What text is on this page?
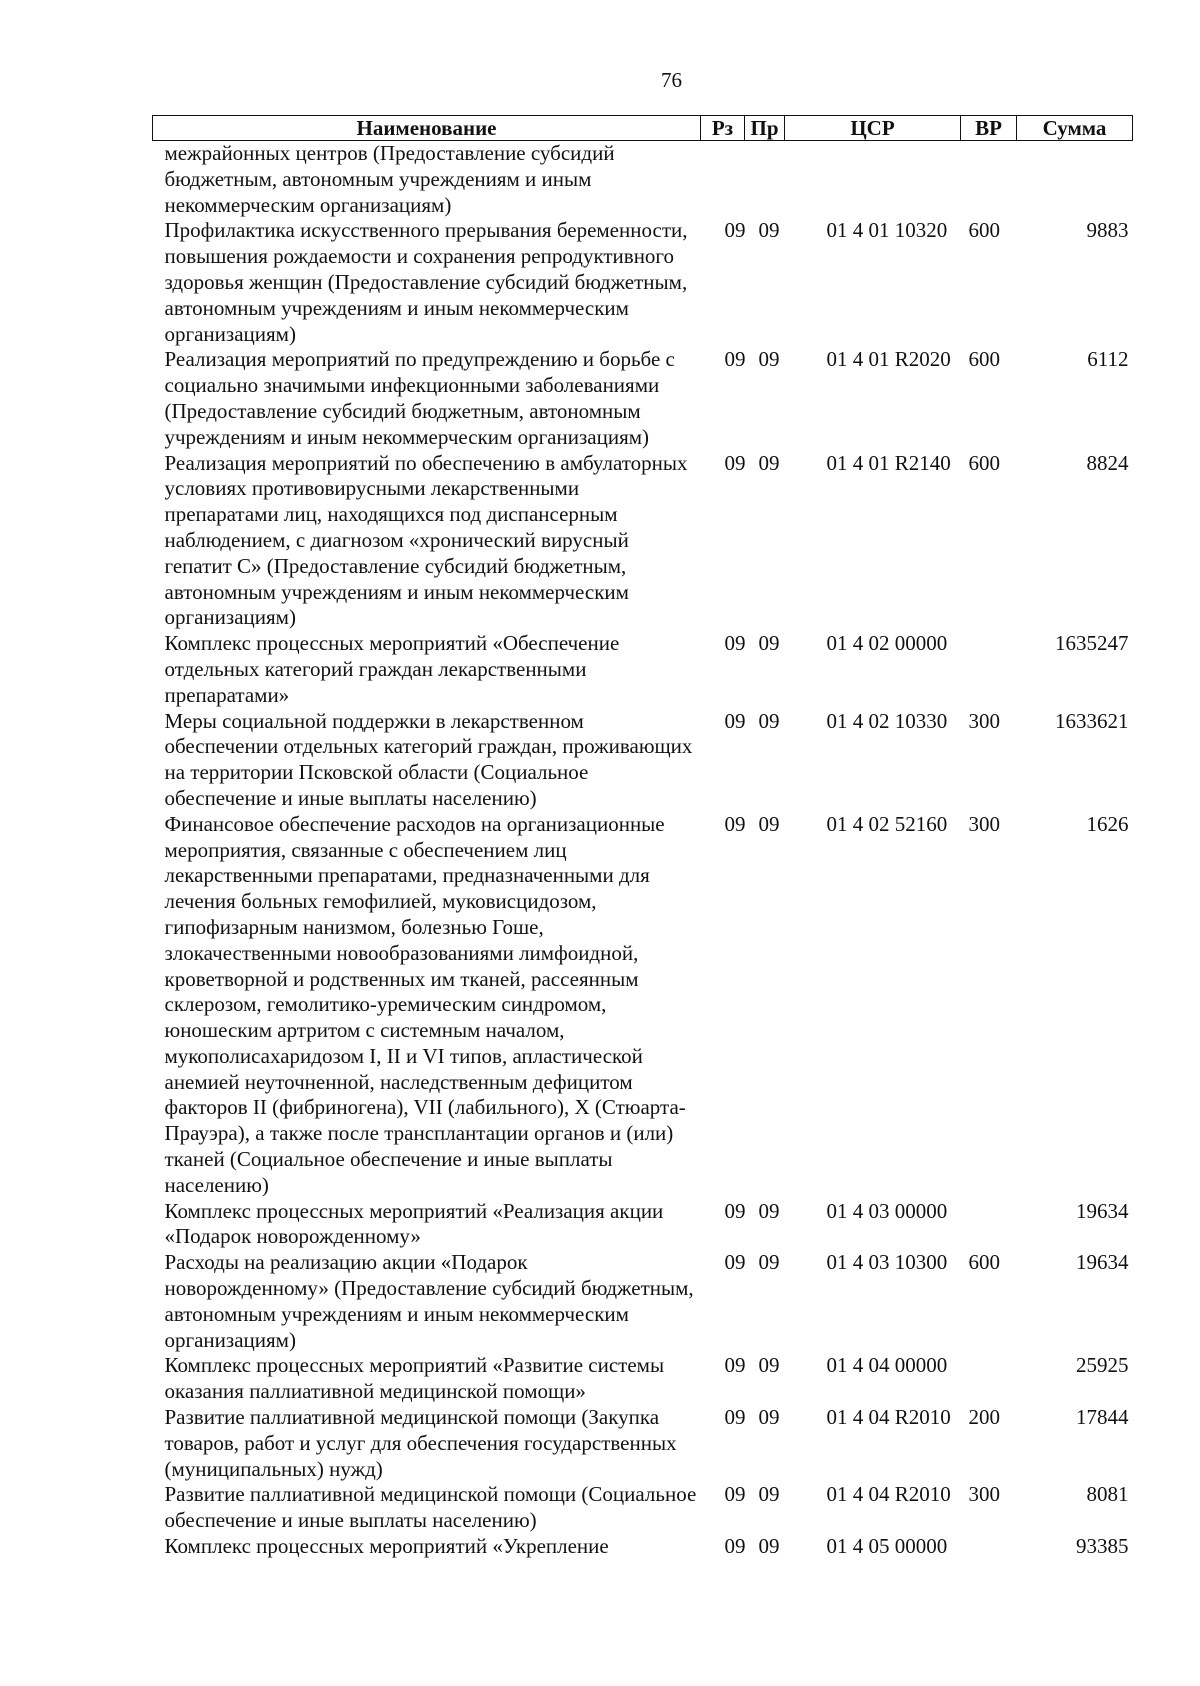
76
Наименование	Рз	Пр	ЦСР	ВР	Сумма
межрайонных центров (Предоставление субсидий бюджетным, автономным учреждениям и иным некоммерческим организациям)					
Профилактика искусственного прерывания беременности, повышения рождаемости и сохранения репродуктивного здоровья женщин (Предоставление субсидий бюджетным, автономным учреждениям и иным некоммерческим организациям)	09	09	01 4 01 10320	600	9883
Реализация мероприятий по предупреждению и борьбе с социально значимыми инфекционными заболеваниями (Предоставление субсидий бюджетным, автономным учреждениям и иным некоммерческим организациям)	09	09	01 4 01 R2020	600	6112
Реализация мероприятий по обеспечению в амбулаторных условиях противовирусными лекарственными препаратами лиц, находящихся под диспансерным наблюдением, с диагнозом «хронический вирусный гепатит С» (Предоставление субсидий бюджетным, автономным учреждениям и иным некоммерческим организациям)	09	09	01 4 01 R2140	600	8824
Комплекс процессных мероприятий «Обеспечение отдельных категорий граждан лекарственными препаратами»	09	09	01 4 02 00000		1635247
Меры социальной поддержки в лекарственном обеспечении отдельных категорий граждан, проживающих на территории Псковской области (Социальное обеспечение и иные выплаты населению)	09	09	01 4 02 10330	300	1633621
Финансовое обеспечение расходов на организационные мероприятия, связанные с обеспечением лиц лекарственными препаратами, предназначенными для лечения больных гемофилией, муковисцидозом, гипофизарным нанизмом, болезнью Гоше, злокачественными новообразованиями лимфоидной, кроветворной и родственных им тканей, рассеянным склерозом, гемолитико-уремическим синдромом, юношеским артритом с системным началом, мукополисахаридозом I, II и VI типов, апластической анемией неуточненной, наследственным дефицитом факторов II (фибриногена), VII (лабильного), X (Стюарта-Прауэра), а также после трансплантации органов и (или) тканей (Социальное обеспечение и иные выплаты населению)	09	09	01 4 02 52160	300	1626
Комплекс процессных мероприятий «Реализация акции «Подарок новорожденному»	09	09	01 4 03 00000		19634
Расходы на реализацию акции «Подарок новорожденному» (Предоставление субсидий бюджетным, автономным учреждениям и иным некоммерческим организациям)	09	09	01 4 03 10300	600	19634
Комплекс процессных мероприятий «Развитие системы оказания паллиативной медицинской помощи»	09	09	01 4 04 00000		25925
Развитие паллиативной медицинской помощи (Закупка товаров, работ и услуг для обеспечения государственных (муниципальных) нужд)	09	09	01 4 04 R2010	200	17844
Развитие паллиативной медицинской помощи (Социальное обеспечение и иные выплаты населению)	09	09	01 4 04 R2010	300	8081
Комплекс процессных мероприятий «Укрепление	09	09	01 4 05 00000		93385
